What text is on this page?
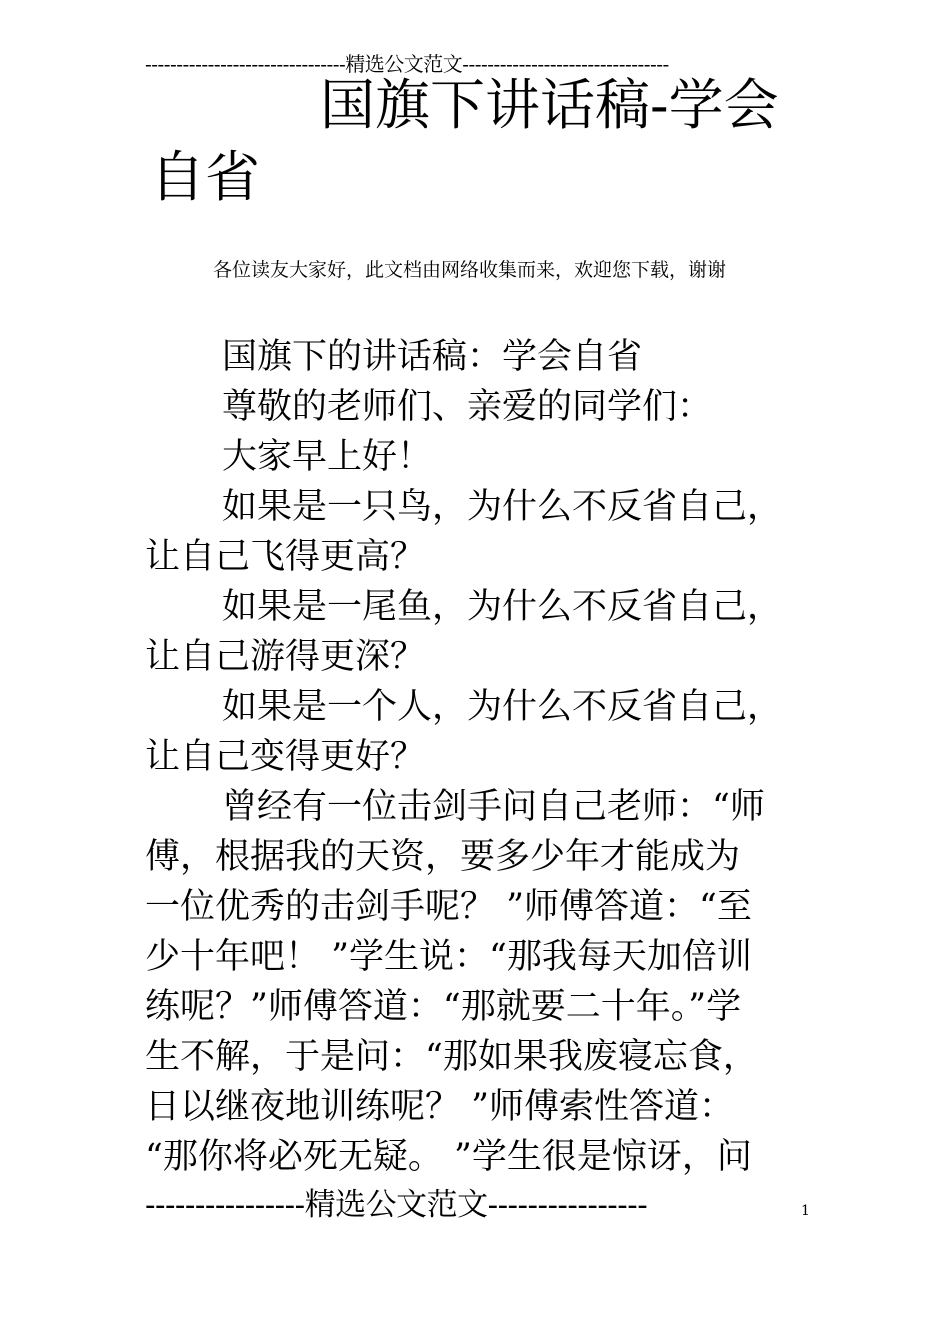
--------------------------------精选公文范文---------------------------------
国旗下讲话稿-学会
自省
各位读友大家好，此文档由网络收集而来，欢迎您下载，谢谢

国旗下的讲话稿：学会自省

尊敬的老师们、亲爱的同学们：

大家早上好！

如果是一只鸟，为什么不反省自己，

让自己飞得更高？

如果是一尾鱼，为什么不反省自己，

让自己游得更深？

如果是一个人，为什么不反省自己，

让自己变得更好？

曾经有一位击剑手问自己老师：“师

傅，根据我的天资，要多少年才能成为

一位优秀的击剑手呢？ ”师傅答道：“至

少十年吧！ ”学生说：“那我每天加倍训

练呢？”师傅答道：“那就要二十年。”学

生不解，于是问：“那如果我废寝忘食，

日以继夜地训练呢？ ”师傅索性答道：

“那你将必死无疑。 ”学生很是惊讶，问

----------------精选公文范文----------------	1
